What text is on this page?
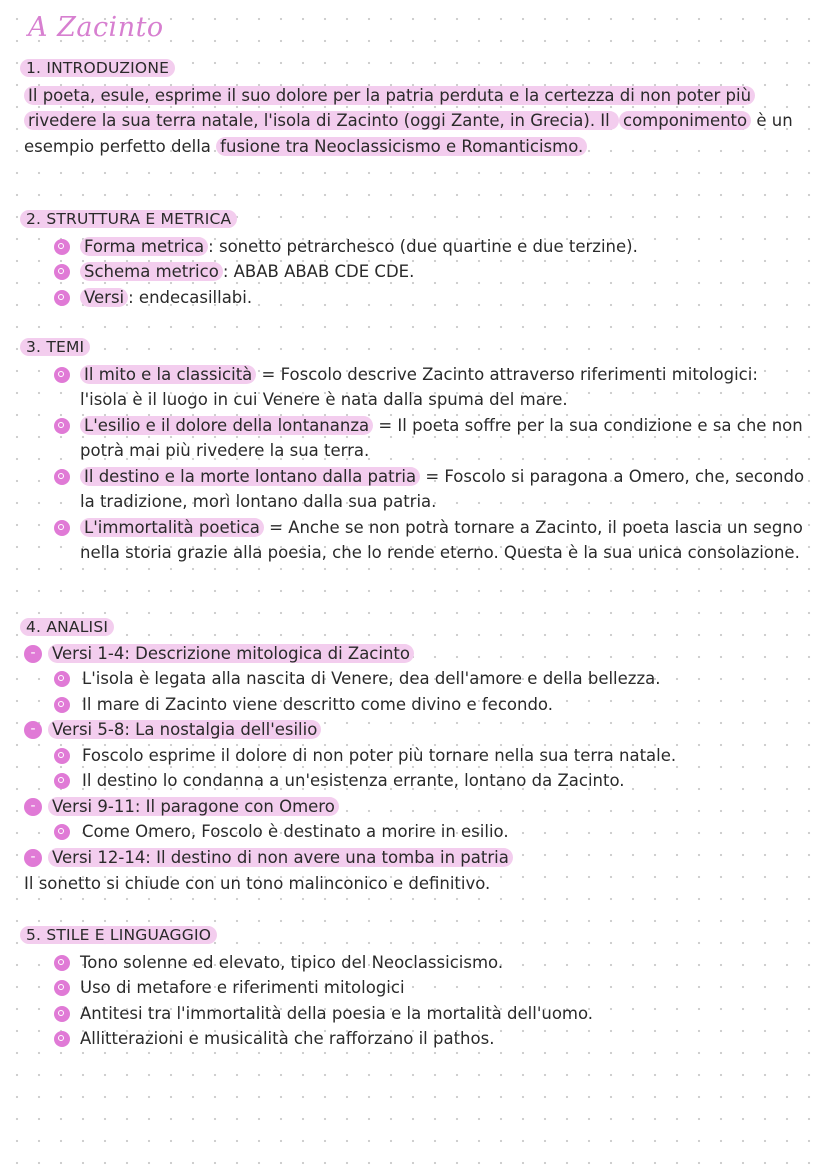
A Zacinto
1. INTRODUZIONE
Il poeta, esule, esprime il suo dolore per la patria perduta e la certezza di non poter più rivedere la sua terra natale, l'isola di Zacinto (oggi Zante, in Grecia). Il componimento è un esempio perfetto della fusione tra Neoclassicismo e Romanticismo.
2. STRUTTURA E METRICA
Forma metrica : sonetto petrarchesco (due quartine e due terzine).
Schema metrico : ABAB ABAB CDE CDE.
Versi : endecasillabi.
3. TEMI
Il mito e la classicità = Foscolo descrive Zacinto attraverso riferimenti mitologici: l'isola è il luogo in cui Venere è nata dalla spuma del mare.
L'esilio e il dolore della lontananza = Il poeta soffre per la sua condizione e sa che non potrà mai più rivedere la sua terra.
Il destino e la morte lontano dalla patria = Foscolo si paragona a Omero, che, secondo la tradizione, morì lontano dalla sua patria.
L'immortalità poetica = Anche se non potrà tornare a Zacinto, il poeta lascia un segno nella storia grazie alla poesia, che lo rende eterno. Questa è la sua unica consolazione.
4. ANALISI
- Versi 1-4: Descrizione mitologica di Zacinto
L'isola è legata alla nascita di Venere, dea dell'amore e della bellezza.
Il mare di Zacinto viene descritto come divino e fecondo.
- Versi 5-8: La nostalgia dell'esilio
Foscolo esprime il dolore di non poter più tornare nella sua terra natale.
Il destino lo condanna a un'esistenza errante, lontano da Zacinto.
- Versi 9-11: Il paragone con Omero
Come Omero, Foscolo è destinato a morire in esilio.
- Versi 12-14: Il destino di non avere una tomba in patria
Il sonetto si chiude con un tono malinconico e definitivo.
5. STILE E LINGUAGGIO
Tono solenne ed elevato, tipico del Neoclassicismo.
Uso di metafore e riferimenti mitologici
Antitesi tra l'immortalità della poesia e la mortalità dell'uomo.
Allitterazioni e musicalità che rafforzano il pathos.
